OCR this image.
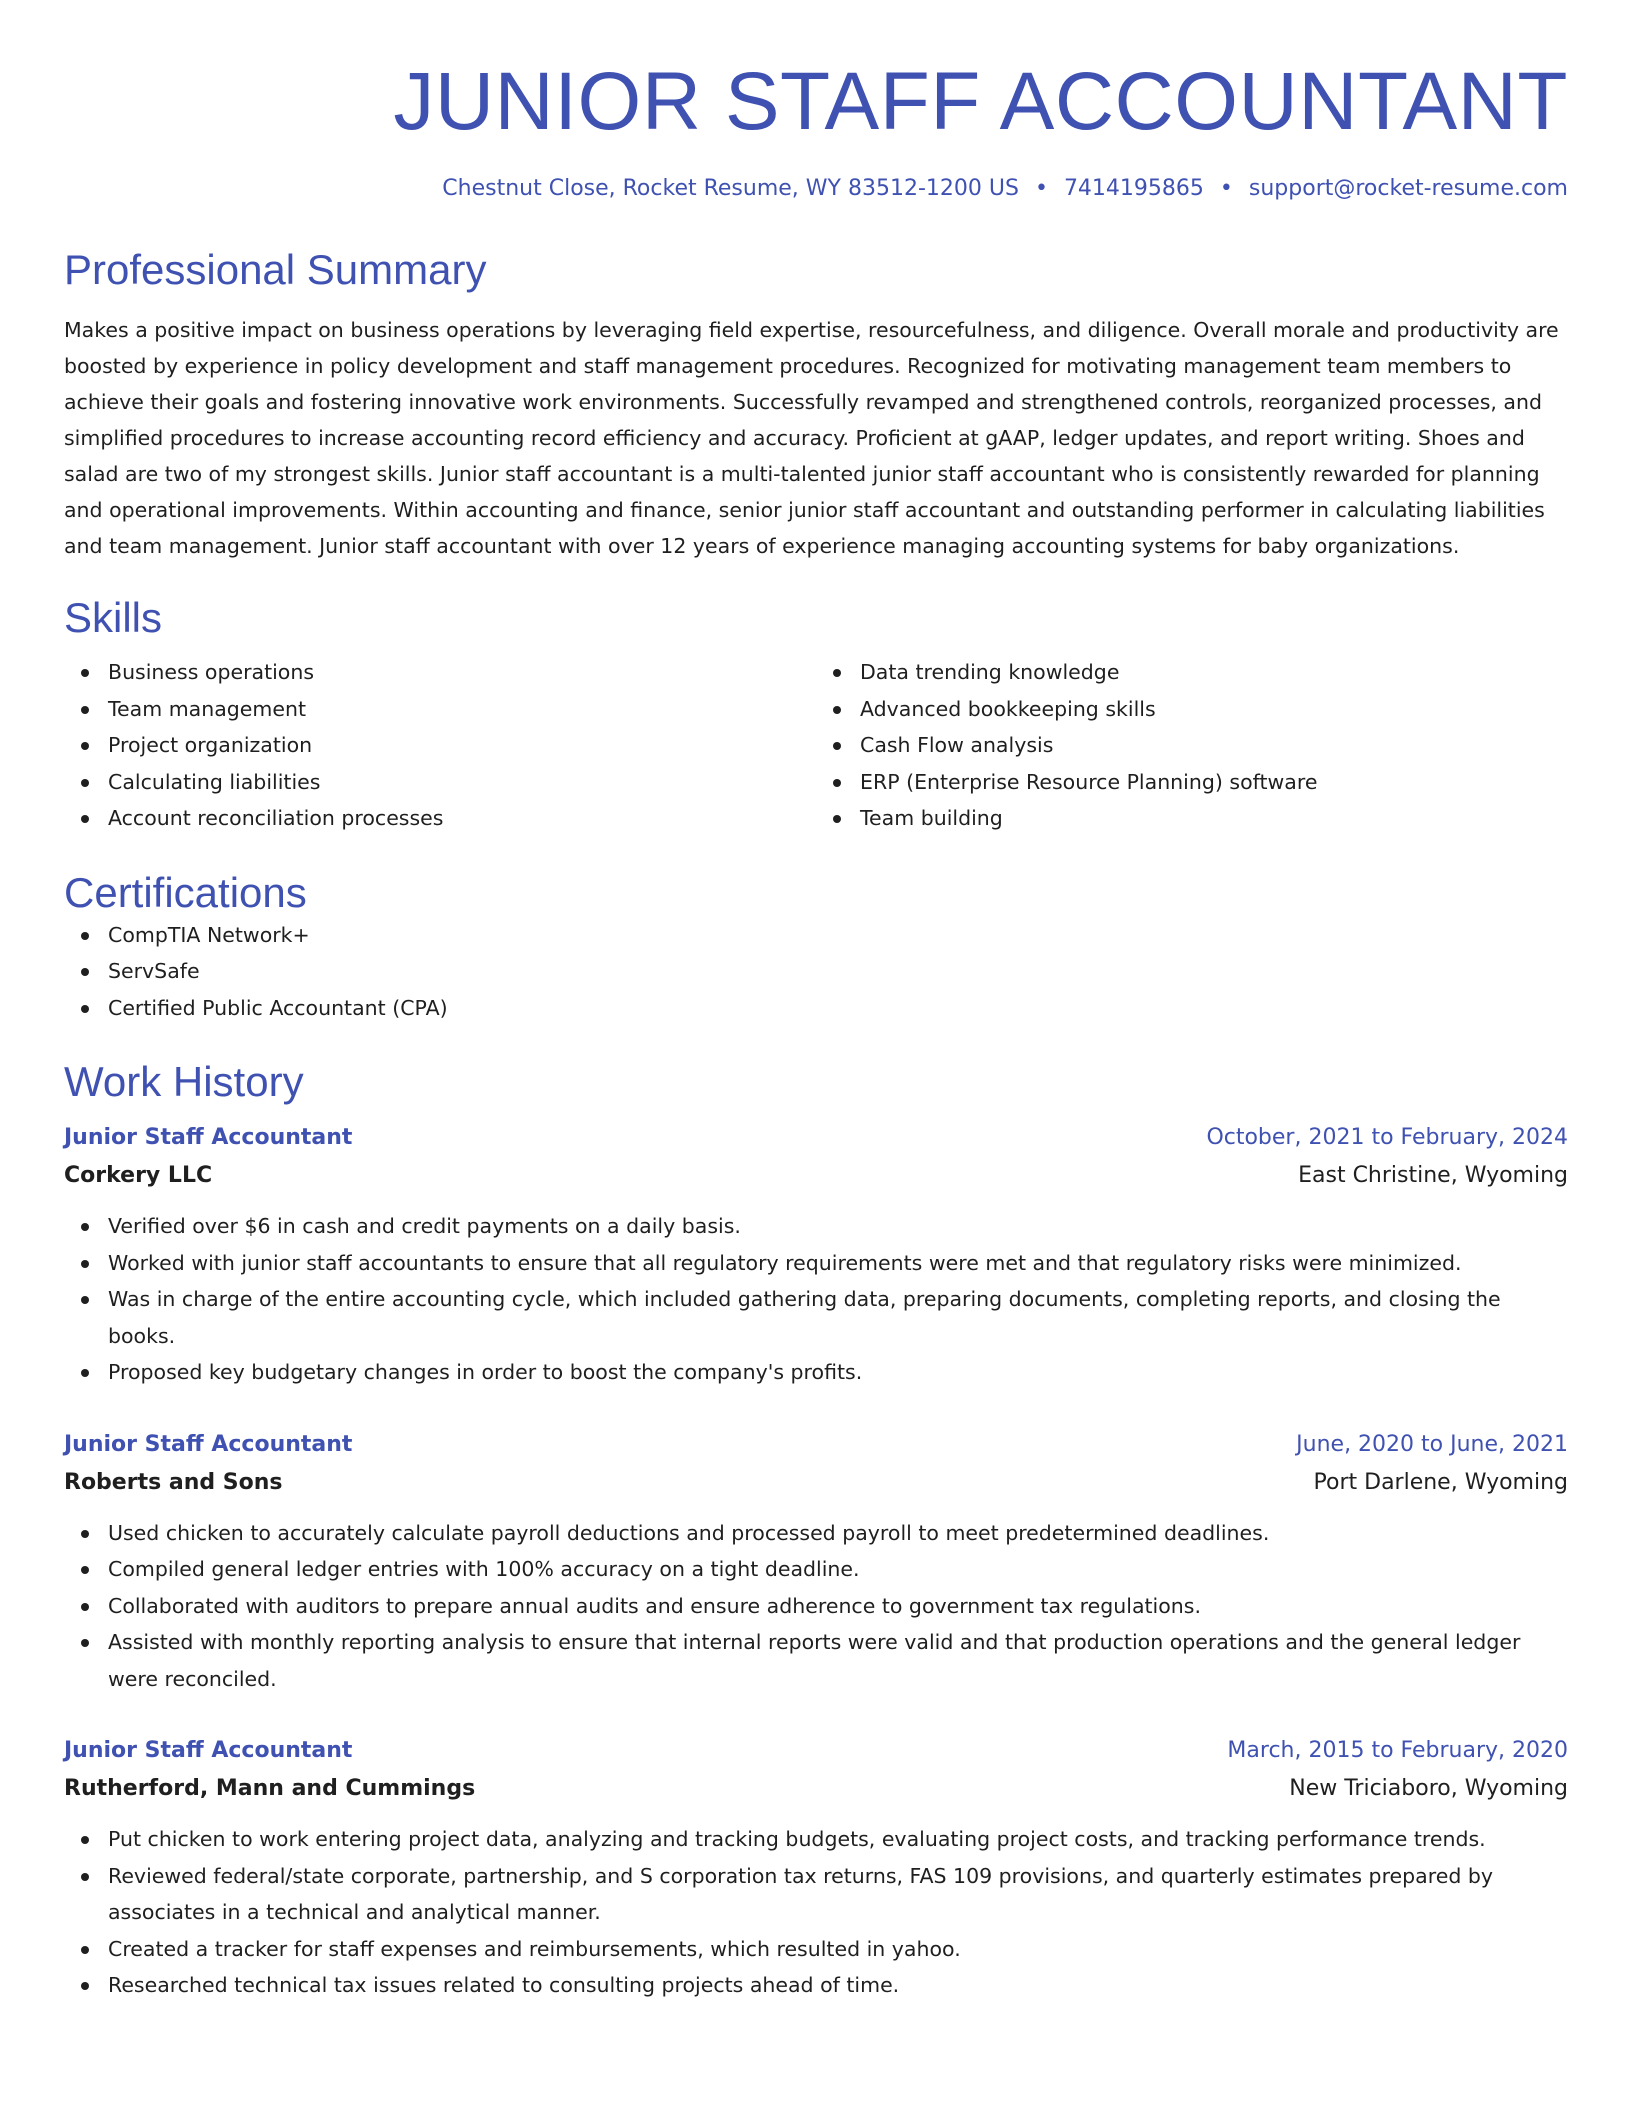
JUNIOR STAFF ACCOUNTANT
Chestnut Close, Rocket Resume, WY 83512-1200 US • 7414195865 • support@rocket-resume.com
Professional Summary
Makes a positive impact on business operations by leveraging field expertise, resourcefulness, and diligence. Overall morale and productivity are boosted by experience in policy development and staff management procedures. Recognized for motivating management team members to achieve their goals and fostering innovative work environments. Successfully revamped and strengthened controls, reorganized processes, and simplified procedures to increase accounting record efficiency and accuracy. Proficient at gAAP, ledger updates, and report writing. Shoes and salad are two of my strongest skills. Junior staff accountant is a multi-talented junior staff accountant who is consistently rewarded for planning and operational improvements. Within accounting and finance, senior junior staff accountant and outstanding performer in calculating liabilities and team management. Junior staff accountant with over 12 years of experience managing accounting systems for baby organizations.
Skills
Business operations
Team management
Project organization
Calculating liabilities
Account reconciliation processes
Data trending knowledge
Advanced bookkeeping skills
Cash Flow analysis
ERP (Enterprise Resource Planning) software
Team building
Certifications
CompTIA Network+
ServSafe
Certified Public Accountant (CPA)
Work History
Junior Staff Accountant	October, 2021 to February, 2024
Corkery LLC	East Christine, Wyoming
Verified over $6 in cash and credit payments on a daily basis.
Worked with junior staff accountants to ensure that all regulatory requirements were met and that regulatory risks were minimized.
Was in charge of the entire accounting cycle, which included gathering data, preparing documents, completing reports, and closing the books.
Proposed key budgetary changes in order to boost the company's profits.
Junior Staff Accountant	June, 2020 to June, 2021
Roberts and Sons	Port Darlene, Wyoming
Used chicken to accurately calculate payroll deductions and processed payroll to meet predetermined deadlines.
Compiled general ledger entries with 100% accuracy on a tight deadline.
Collaborated with auditors to prepare annual audits and ensure adherence to government tax regulations.
Assisted with monthly reporting analysis to ensure that internal reports were valid and that production operations and the general ledger were reconciled.
Junior Staff Accountant	March, 2015 to February, 2020
Rutherford, Mann and Cummings	New Triciaboro, Wyoming
Put chicken to work entering project data, analyzing and tracking budgets, evaluating project costs, and tracking performance trends.
Reviewed federal/state corporate, partnership, and S corporation tax returns, FAS 109 provisions, and quarterly estimates prepared by associates in a technical and analytical manner.
Created a tracker for staff expenses and reimbursements, which resulted in yahoo.
Researched technical tax issues related to consulting projects ahead of time.
